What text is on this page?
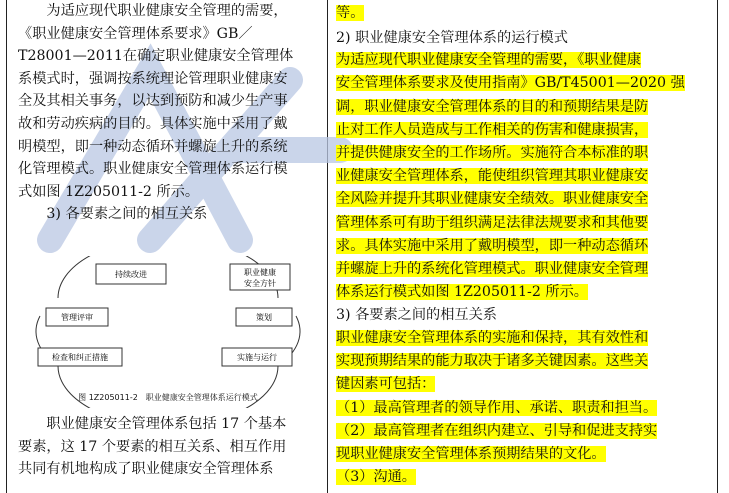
　　为适应现代职业健康安全管理的需要，
《职业健康安全管理体系要求》GB／
T28001—2011在确定职业健康安全管理体
系模式时，强调按系统理论管理职业健康安
全及其相关事务，以达到预防和减少生产事
故和劳动疾病的目的。具体实施中采用了戴
明模型，即一种动态循环并螺旋上升的系统
化管理模式。职业健康安全管理体系运行模
式如图 1Z205011-2 所示。
　　3) 各要素之间的相互关系
持续改进	职业健康
安全方针
管理评审	策划
检查和纠正措施	实施与运行
图 1Z205011-2　职业健康安全管理体系运行模式
　　职业健康安全管理体系包括 17 个基本
要素，这 17 个要素的相互关系、相互作用
共同有机地构成了职业健康安全管理体系
等。
2) 职业健康安全管理体系的运行模式
为适应现代职业健康安全管理的需要，《职业健康
安全管理体系要求及使用指南》GB/T45001—2020 强
调，职业健康安全管理体系的目的和预期结果是防
止对工作人员造成与工作相关的伤害和健康损害，
并提供健康安全的工作场所。实施符合本标准的职
业健康安全管理体系，能使组织管理其职业健康安
全风险并提升其职业健康安全绩效。职业健康安全
管理体系可有助于组织满足法律法规要求和其他要
求。具体实施中采用了戴明模型，即一种动态循环
并螺旋上升的系统化管理模式。职业健康安全管理
体系运行模式如图 1Z205011-2 所示。
3) 各要素之间的相互关系
职业健康安全管理体系的实施和保持，其有效性和
实现预期结果的能力取决于诸多关键因素。这些关
键因素可包括：
（1）最高管理者的领导作用、承诺、职责和担当。
（2）最高管理者在组织内建立、引导和促进支持实
现职业健康安全管理体系预期结果的文化。
（3）沟通。
